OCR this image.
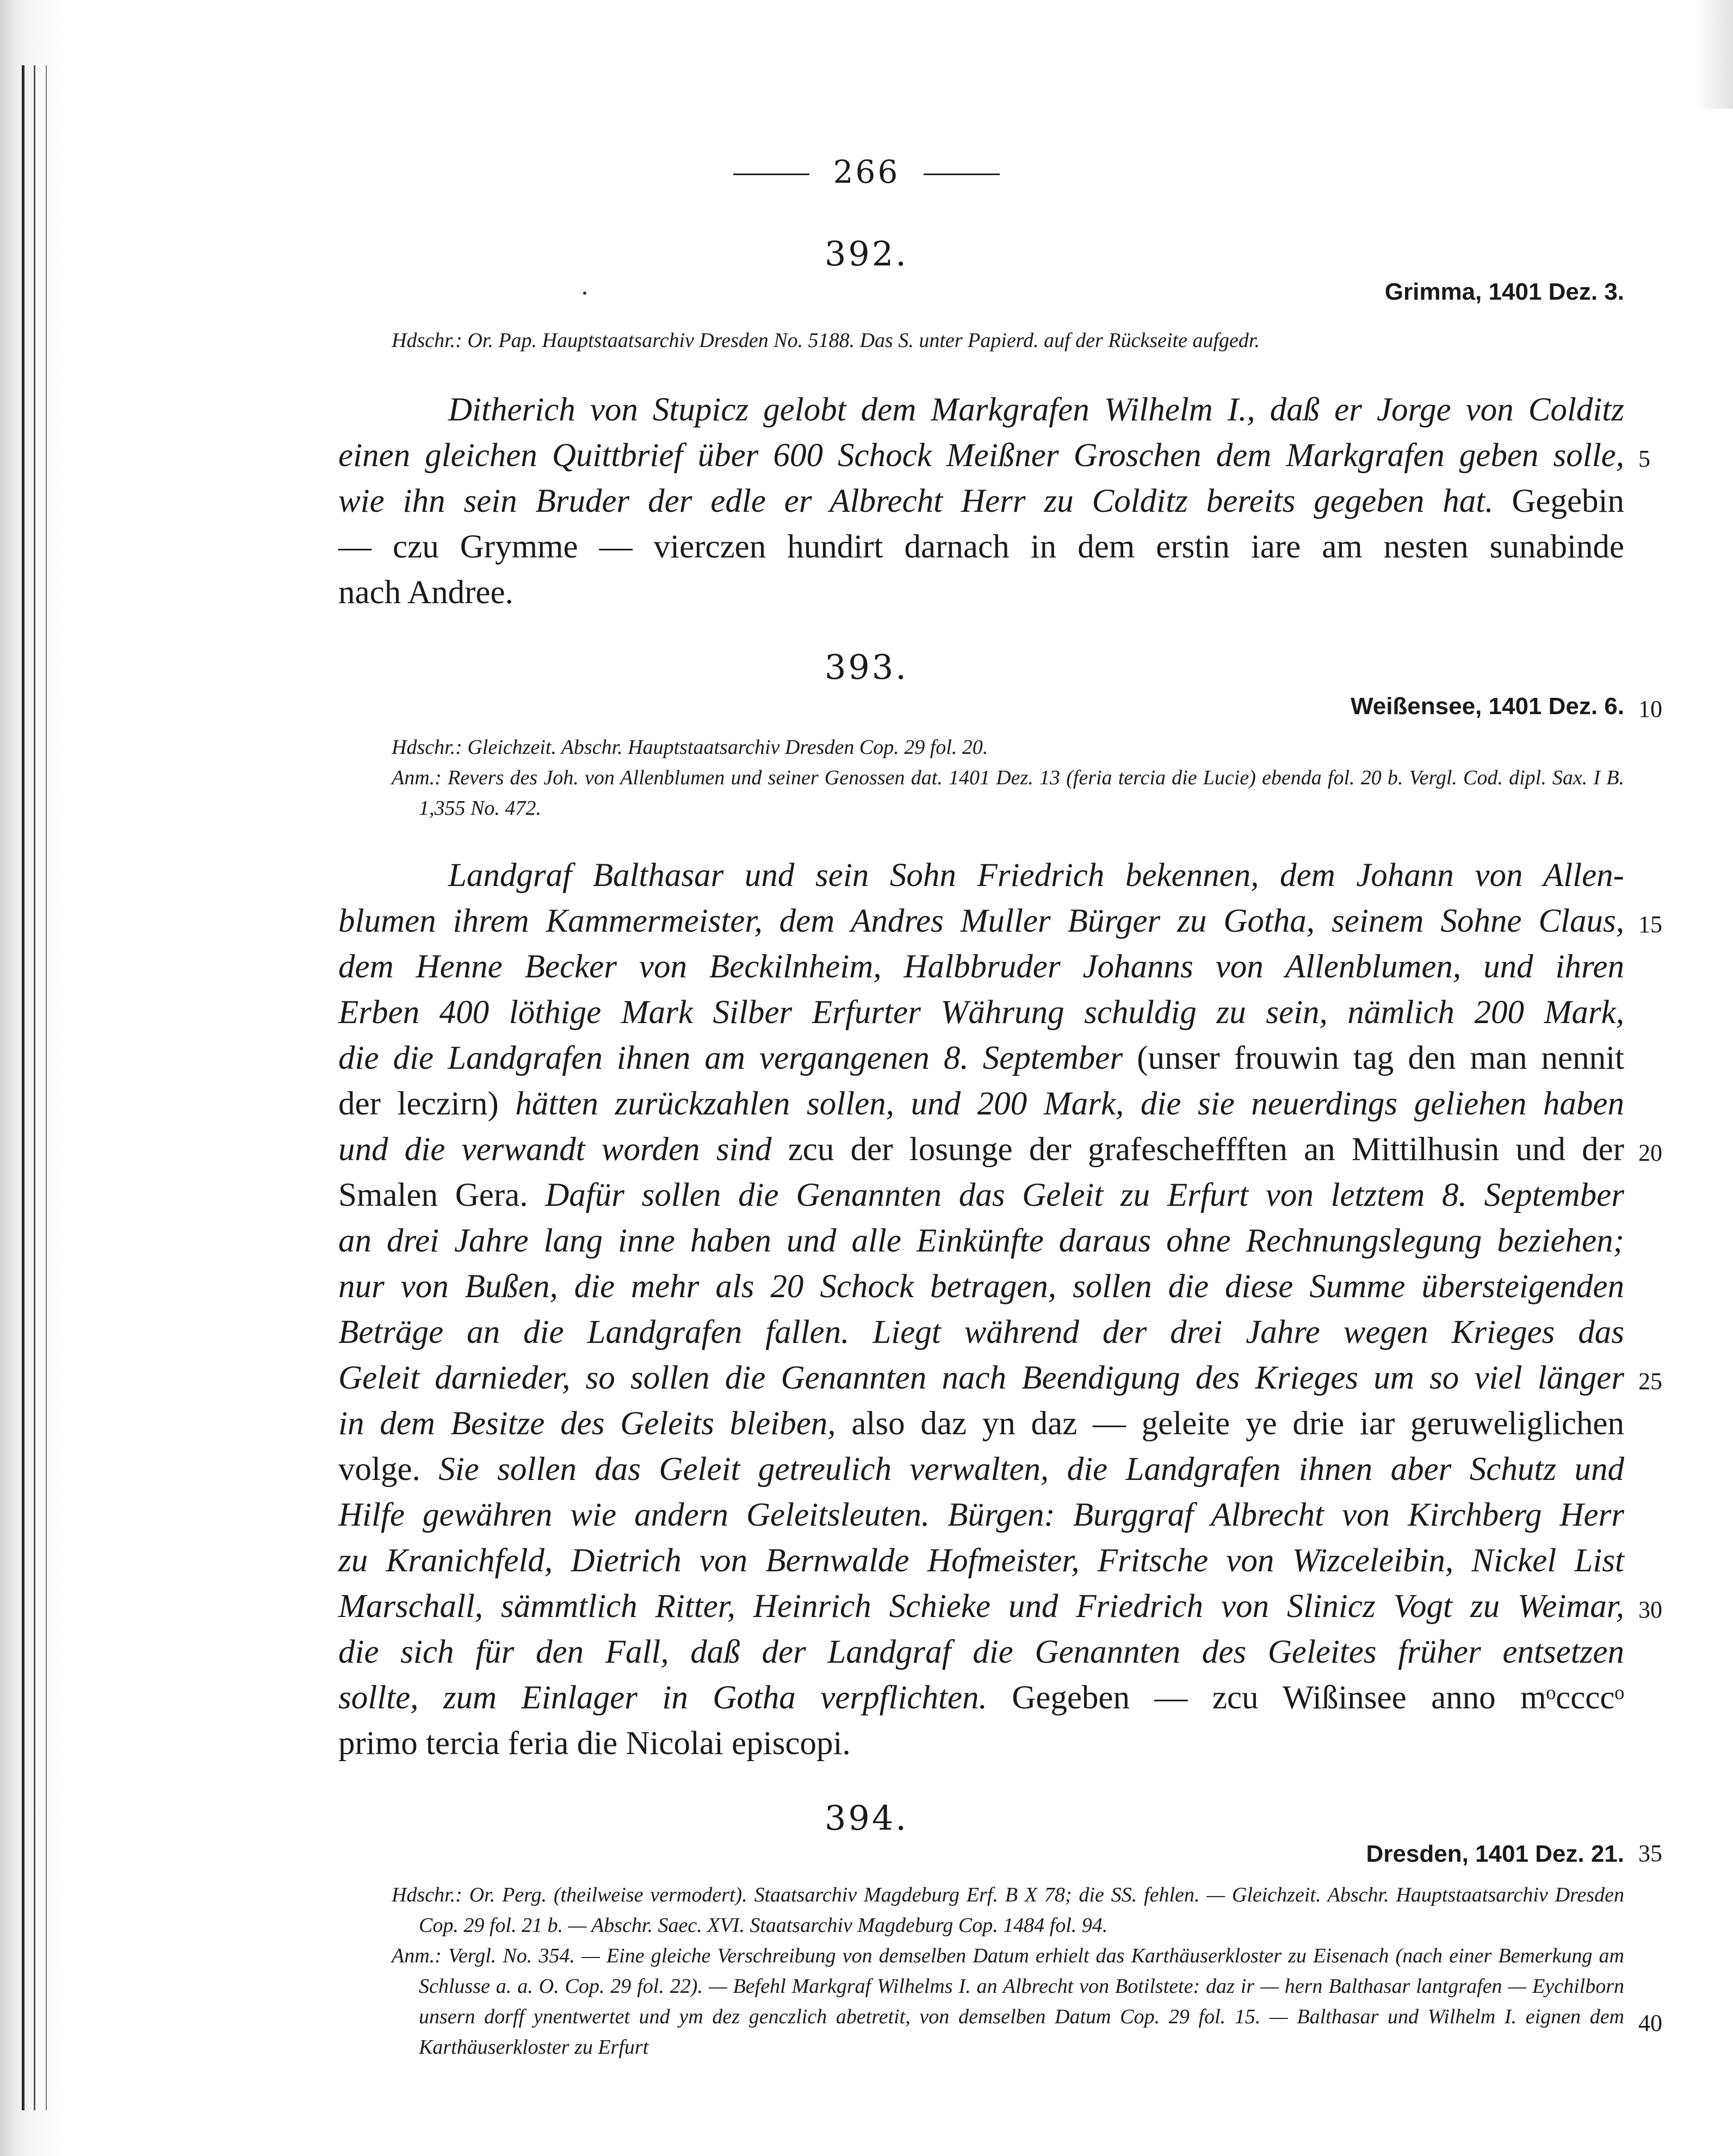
266
392.
Grimma, 1401 Dez. 3.
Hdschr.: Or. Pap. Hauptstaatsarchiv Dresden No. 5188. Das S. unter Papierd. auf der Rückseite aufgedr.
Ditherich von Stupicz gelobt dem Markgrafen Wilhelm I., daß er Jorge von Colditz
einen gleichen Quittbrief über 600 Schock Meißner Groschen dem Markgrafen geben solle,
wie ihn sein Bruder der edle er Albrecht Herr zu Colditz bereits gegeben hat. Gegebin
— czu Grymme — vierczen hundirt darnach in dem erstin iare am nesten sunabinde
nach Andree.
393.
Weißensee, 1401 Dez. 6.
Hdschr.: Gleichzeit. Abschr. Hauptstaatsarchiv Dresden Cop. 29 fol. 20.
Anm.: Revers des Joh. von Allenblumen und seiner Genossen dat. 1401 Dez. 13 (feria tercia die Lucie) ebenda fol. 20 b. Vergl. Cod. dipl. Sax. I B. 1,355 No. 472.
Landgraf Balthasar und sein Sohn Friedrich bekennen, dem Johann von Allen-
blumen ihrem Kammermeister, dem Andres Muller Bürger zu Gotha, seinem Sohne Claus,
dem Henne Becker von Beckilnheim, Halbbruder Johanns von Allenblumen, und ihren
Erben 400 löthige Mark Silber Erfurter Währung schuldig zu sein, nämlich 200 Mark,
die die Landgrafen ihnen am vergangenen 8. September (unser frouwin tag den man nennit
der leczirn) hätten zurückzahlen sollen, und 200 Mark, die sie neuerdings geliehen haben
und die verwandt worden sind zcu der losunge der grafescheffften an Mittilhusin und der
Smalen Gera. Dafür sollen die Genannten das Geleit zu Erfurt von letztem 8. September
an drei Jahre lang inne haben und alle Einkünfte daraus ohne Rechnungslegung beziehen;
nur von Bußen, die mehr als 20 Schock betragen, sollen die diese Summe übersteigenden
Beträge an die Landgrafen fallen. Liegt während der drei Jahre wegen Krieges das
Geleit darnieder, so sollen die Genannten nach Beendigung des Krieges um so viel länger
in dem Besitze des Geleits bleiben, also daz yn daz — geleite ye drie iar geruweliglichen
volge. Sie sollen das Geleit getreulich verwalten, die Landgrafen ihnen aber Schutz und
Hilfe gewähren wie andern Geleitsleuten. Bürgen: Burggraf Albrecht von Kirchberg Herr
zu Kranichfeld, Dietrich von Bernwalde Hofmeister, Fritsche von Wizceleibin, Nickel List
Marschall, sämmtlich Ritter, Heinrich Schieke und Friedrich von Slinicz Vogt zu Weimar,
die sich für den Fall, daß der Landgraf die Genannten des Geleites früher entsetzen
sollte, zum Einlager in Gotha verpflichten. Gegeben — zcu Wißinsee anno mᵒccccᵒ
primo tercia feria die Nicolai episcopi.
394.
Dresden, 1401 Dez. 21.
Hdschr.: Or. Perg. (theilweise vermodert). Staatsarchiv Magdeburg Erf. B X 78; die SS. fehlen. — Gleichzeit. Abschr. Hauptstaatsarchiv Dresden Cop. 29 fol. 21 b. — Abschr. Saec. XVI. Staatsarchiv Magdeburg Cop. 1484 fol. 94.
Anm.: Vergl. No. 354. — Eine gleiche Verschreibung von demselben Datum erhielt das Karthäuserkloster zu Eisenach (nach einer Bemerkung am Schlusse a. a. O. Cop. 29 fol. 22). — Befehl Markgraf Wilhelms I. an Albrecht von Botilstete: daz ir — hern Balthasar lantgrafen — Eychilborn unsern dorff ynentwertet und ym dez genczlich abetretit, von demselben Datum Cop. 29 fol. 15. — Balthasar und Wilhelm I. eignen dem Karthäuserkloster zu Erfurt
5
10
15
20
25
30
35
40
